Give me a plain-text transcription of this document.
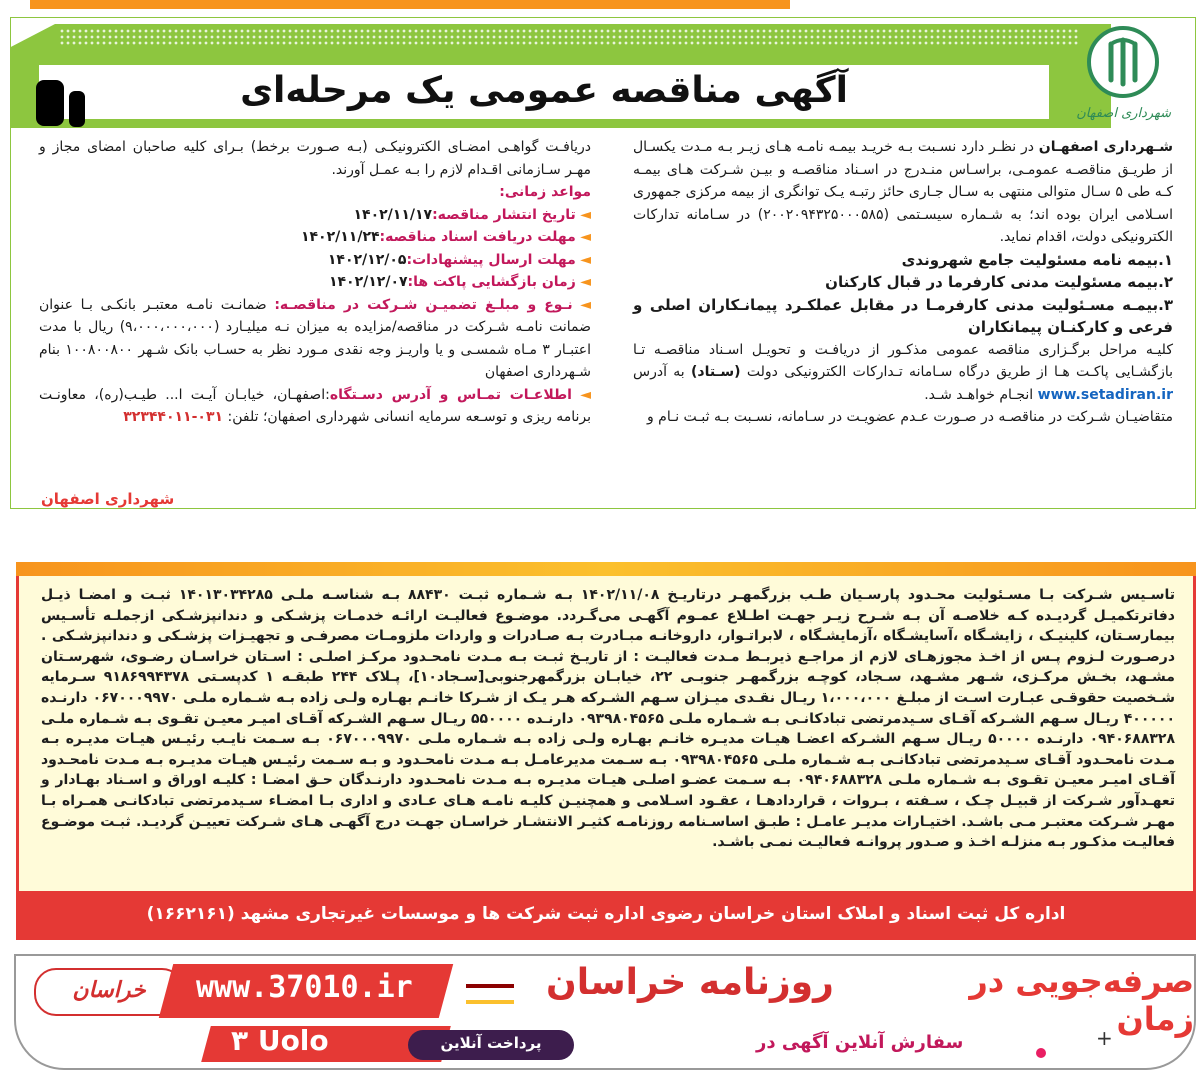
آگهی مناقصه عمومی یک مرحله‌ای
شهرداری اصفهان

شـهرداری اصفهـان در نظـر دارد نسـبت بـه خریـد بیمـه نامـه هـای زیـر بـه مـدت یکسـال از طریـق مناقصـه عمومـی، براسـاس منـدرج در اسـناد مناقصـه و بیـن شـرکت هـای بیمـه کـه طی ۵ سـال متوالی منتهی به سـال جـاری حائز رتبـه یـک توانگری از بیمه مرکزی جمهوری اسـلامی ایران بوده اند؛ به شـماره سیسـتمی (۲۰۰۲۰۹۴۳۲۵۰۰۰۵۸۵) در سـامانه تدارکات الکترونیکی دولت، اقدام نماید.

۱.بیمه نامه مسئولیت جامع شهروندی

۲.بیمه مسئولیت مدنی کارفرما در قبال کارکنان

۳.بیمـه مسـئولیت مدنی کارفرمـا در مقابل عملکـرد پیمانـکاران اصلی و فرعی و کارکنـان پیمانکاران

کلیـه مراحل برگـزاری مناقصه عمومی مذکـور از دریافـت و تحویـل اسـناد مناقصـه تـا بازگشـایی پاکـت هـا از طریق درگاه سـامانه تـدارکات الکترونیکی دولت (سـتاد) به آدرس www.setadiran.ir انجـام خواهـد شـد.

متقاضیـان شـرکت در مناقصـه در صـورت عـدم عضویـت در سـامانه، نسـبت بـه ثبـت نـام و

دریافـت گواهـی امضـای الکترونیکـی (بـه صـورت برخط) بـرای کلیه صاحبان امضای مجاز و مهـر سـازمانی اقـدام لازم را بـه عمـل آورند.

مواعد زمانی:

◄ تاریخ انتشار مناقصه:۱۴۰۲/۱۱/۱۷

◄ مهلت دریافت اسناد مناقصه:۱۴۰۲/۱۱/۲۴

◄ مهلت ارسال پیشنهادات:۱۴۰۲/۱۲/۰۵

◄ زمان بازگشایی پاکت ها:۱۴۰۲/۱۲/۰۷

◄ نـوع و مبلـغ تضمیـن شـرکت در مناقصـه: ضمانـت نامـه معتبـر بانکـی بـا عنوان ضمانت نامـه شـرکت در مناقصه/مزایده به میزان نـه میلیـارد (۹،۰۰۰،۰۰۰،۰۰۰) ریال با مدت اعتبـار ۳ مـاه شمسـی و یا واریـز وجه نقدی مـورد نظر به حسـاب بانک شـهر ۱۰۰۸۰۰۸۰۰ بنام شـهرداری اصفهان

◄ اطلاعـات تمـاس و آدرس دسـتگاه:اصفهـان، خیابـان آیـت ا... طیـب(ره)، معاونـت برنامه ریزی و توسـعه سرمایه انسانی شهرداری اصفهان؛ تلفن: ۰۳۱-۳۲۳۴۴۰۱۱

شهرداری اصفهان

تاسـیس شـرکت بـا مسـئولیت محـدود پارسـیان طـب بزرگمهـر درتاریـخ ۱۴۰۲/۱۱/۰۸ بـه شـماره ثبـت ۸۸۴۳۰ بـه شناسـه ملـی ۱۴۰۱۳۰۳۴۲۸۵ ثبـت و امضـا ذیـل دفاترتکمیـل گردیـده کـه خلاصـه آن بـه شـرح زیـر جهـت اطـلاع عمـوم آگهـی می‌گـردد. موضـوع فعالیـت ارائـه خدمـات پزشـکی و دندانپزشـکی ازجملـه تأسـیس بیمارسـتان، کلینیـک ، زایشـگاه ،آسایشـگاه ،آزمایشـگاه ، لابراتـوار، داروخانـه مبـادرت بـه صـادرات و واردات ملزومـات مصرفـی و تجهیـزات پزشـکی و دندانپزشـکی . درصـورت لـزوم پـس از اخـذ مجوزهـای لازم از مراجـع ذیربـط مـدت فعالیـت : از تاریـخ ثبـت بـه مـدت نامحـدود مرکـز اصلـی : اسـتان خراسـان رضـوی، شهرسـتان مشـهد، بخـش مرکـزی، شـهر مشـهد، سـجاد، کوچـه بزرگمهـر جنوبـی ۲۲، خیابـان بزرگمهرجنوبی[سـجاد۱۰]، پـلاک ۲۴۴ طبقـه ۱ کدپسـتی ۹۱۸۶۹۹۴۳۷۸ سـرمایه شـخصیت حقوقـی عبـارت اسـت از مبلـغ ۱،۰۰۰،۰۰۰ ریـال نقـدی میـزان سـهم الشـرکه هـر یـک از شـرکا خانـم بهـاره ولـی زاده بـه شـماره ملـی ۰۶۷۰۰۰۹۹۷۰ دارنـده ۴۰۰۰۰۰ ریـال سـهم الشـرکه آقـای سـیدمرتضی تبادکانـی بـه شـماره ملـی ۰۹۳۹۸۰۴۵۶۵ دارنـده ۵۵۰۰۰۰ ریـال سـهم الشـرکه آقـای امیـر معیـن تقـوی بـه شـماره ملـی ۰۹۴۰۶۸۸۳۲۸ دارنـده ۵۰۰۰۰ ریـال سـهم الشـرکه اعضـا هیـات مدیـره خانـم بهـاره ولـی زاده بـه شـماره ملـی ۰۶۷۰۰۰۹۹۷۰ بـه سـمت نایـب رئیـس هیـات مدیـره بـه مـدت نامحـدود آقـای سـیدمرتضی تبادکانـی بـه شـماره ملـی ۰۹۳۹۸۰۴۵۶۵ بـه سـمت مدیرعامـل بـه مـدت نامحـدود و بـه سـمت رئیـس هیـات مدیـره بـه مـدت نامحـدود آقـای امیـر معیـن تقـوی بـه شـماره ملـی ۰۹۴۰۶۸۸۳۲۸ بـه سـمت عضـو اصلـی هیـات مدیـره بـه مـدت نامحـدود دارنـدگان حـق امضـا : کلیـه اوراق و اسـناد بهـادار و تعهـدآور شـرکت از قبیـل چـک ، سـفته ، بـروات ، قراردادهـا ، عقـود اسـلامی و همچنیـن کلیـه نامـه هـای عـادی و اداری بـا امضـاء سـیدمرتضی تبادکانـی همـراه بـا مهـر شـرکت معتبـر مـی باشـد. اختیـارات مدیـر عامـل : طبـق اساسـنامه روزنامـه کثیـر الانتشـار خراسـان جهـت درج آگهـی هـای شـرکت تعییـن گردیـد. ثبـت موضـوع فعالیـت مذکـور بـه منزلـه اخـذ و صـدور پروانـه فعالیـت نمـی باشـد.

اداره کل ثبت اسناد و املاک استان خراسان رضوی اداره ثبت شرکت ها و موسسات غیرتجاری مشهد (۱۶۶۲۱۶۱)
خراسان	www.37010.ir	روزنامه خراسان	صرفه‌جویی در زمان
۳ Uolo	پرداخت آنلاین	سفارش آنلاین آگهی در	+
